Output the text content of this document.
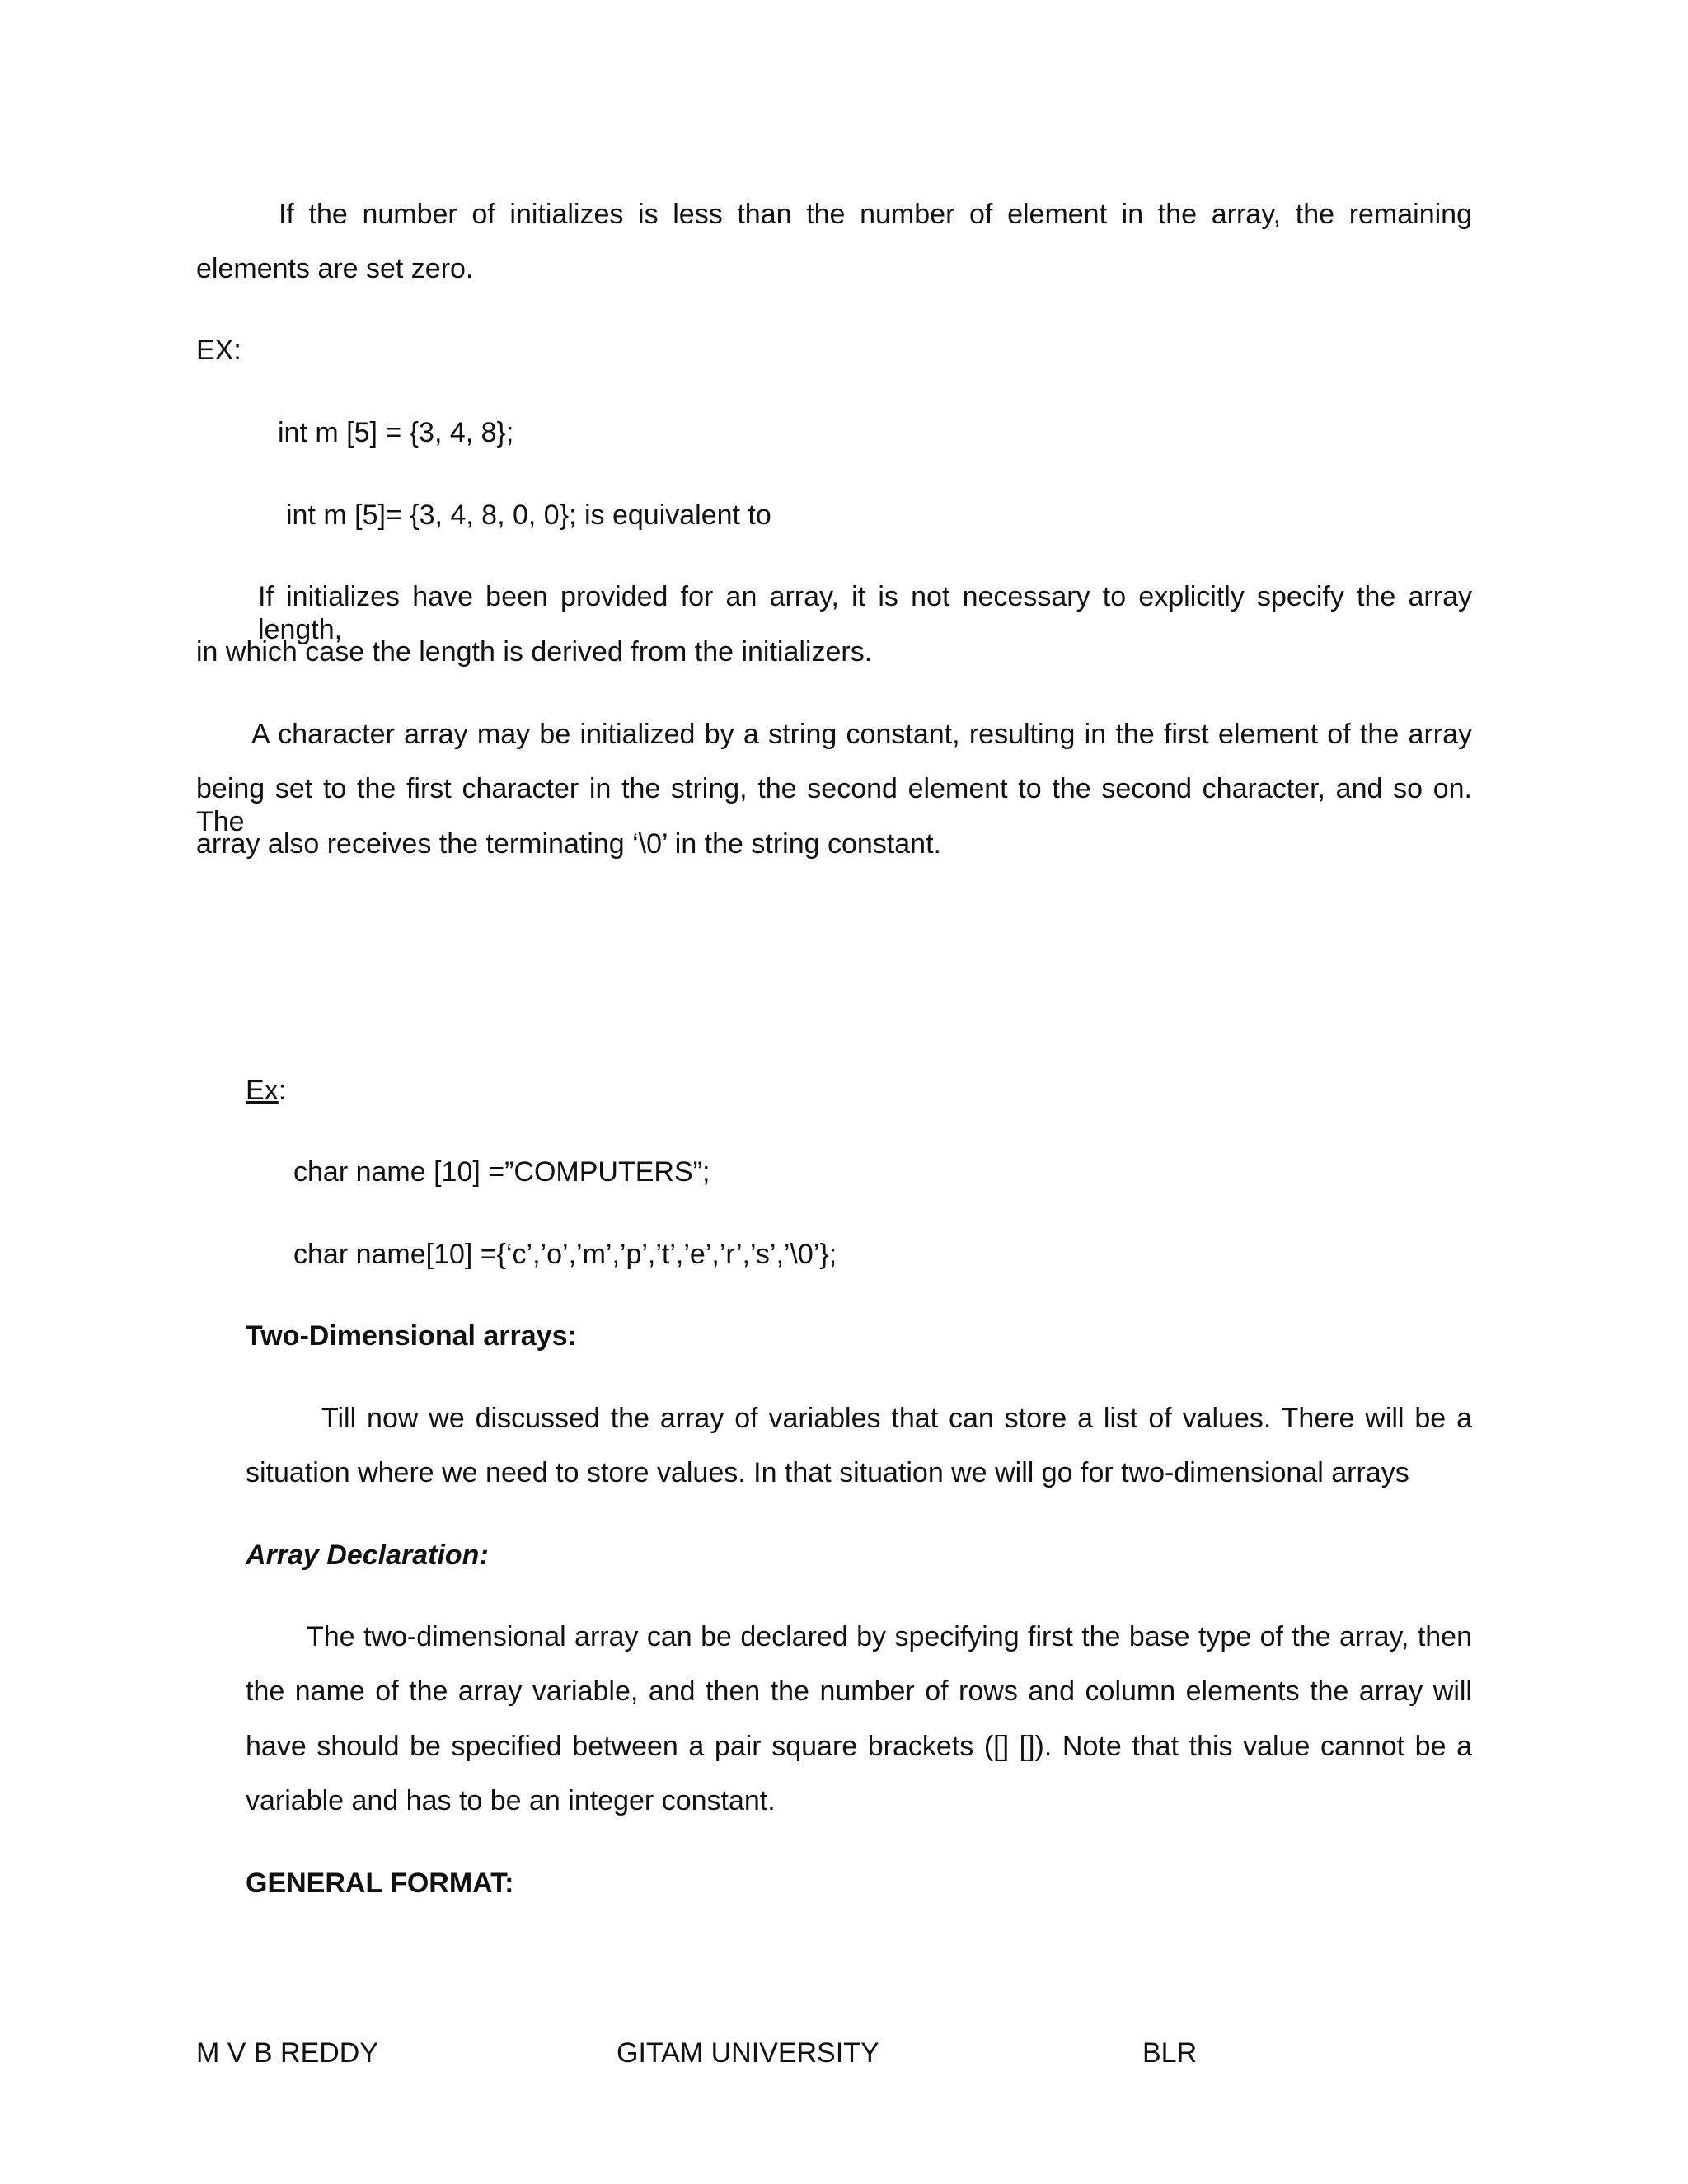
If the number of initializes is less than the number of element in the array, the remaining

elements are set zero.

EX:

int m [5] = {3, 4, 8};

int m [5]= {3, 4, 8, 0, 0}; is equivalent to

If initializes have been provided for an array, it is not necessary to explicitly specify the array length,

in which case the length is derived from the initializers.

A character array may be initialized by a string constant, resulting in the first element of the array

being set to the first character in the string, the second element to the second character, and so on. The

array also receives the terminating ‘\0’ in the string constant.

Ex:

char name [10] =”COMPUTERS”;

char name[10] ={‘c’,’o’,’m’,’p’,’t’,’e’,’r’,’s’,’\0’};

Two-Dimensional arrays:

Till now we discussed the array of variables that can store a list of values. There will be a

situation where we need to store values. In that situation we will go for two-dimensional arrays

Array Declaration:

The two-dimensional array can be declared by specifying first the base type of the array, then

the name of the array variable, and then the number of rows and column elements the array will

have should be specified between a pair square brackets ([] []). Note that this value cannot be a

variable and has to be an integer constant.

GENERAL FORMAT:

M V B REDDY	GITAM UNIVERSITY	BLR
